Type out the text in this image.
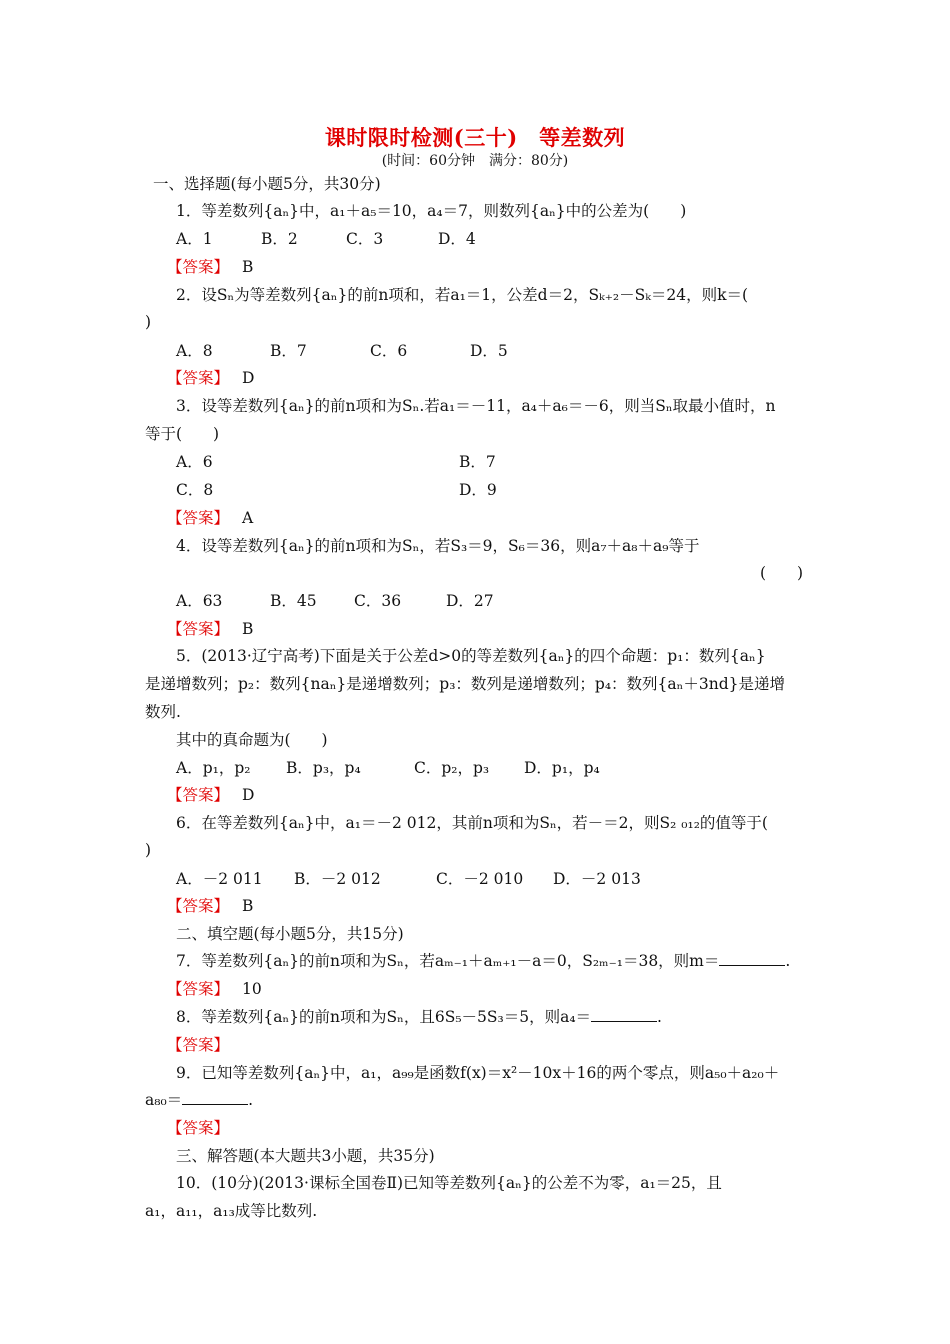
课时限时检测(三十)　等差数列
(时间：60分钟　满分：80分)
一、选择题(每小题5分，共30分)
1．等差数列{aₙ}中，a₁＋a₅＝10，a₄＝7，则数列{aₙ}中的公差为(　　)
A．1	B．2	C．3	D．4
【答案】 B
2．设Sₙ为等差数列{aₙ}的前n项和，若a₁＝1，公差d＝2，Sₖ₊₂－Sₖ＝24，则k＝(
)
A．8	B．7	C．6	D．5
【答案】 D
3．设等差数列{aₙ}的前n项和为Sₙ.若a₁＝－11，a₄＋a₆＝－6，则当Sₙ取最小值时，n
等于(　　)
A．6	B．7
C．8	D．9
【答案】 A
4．设等差数列{aₙ}的前n项和为Sₙ，若S₃＝9，S₆＝36，则a₇＋a₈＋a₉等于
(　　)
A．63	B．45 C．36	D．27
【答案】 B
5．(2013·辽宁高考)下面是关于公差d>0的等差数列{aₙ}的四个命题：p₁：数列{aₙ}
是递增数列；p₂：数列{naₙ}是递增数列；p₃：数列是递增数列；p₄：数列{aₙ＋3nd}是递增
数列.
其中的真命题为(　　)
A．p₁，p₂ B．p₃，p₄	C．p₂，p₃ D．p₁，p₄
【答案】 D
6．在等差数列{aₙ}中，a₁＝－2 012，其前n项和为Sₙ，若－＝2，则S₂ ₀₁₂的值等于(
)
A．－2 011 B．－2 012	C．－2 010 D．－2 013
【答案】 B
二、填空题(每小题5分，共15分)
7．等差数列{aₙ}的前n项和为Sₙ，若aₘ₋₁＋aₘ₊₁－a＝0，S₂ₘ₋₁＝38，则m＝	.
【答案】 10
8．等差数列{aₙ}的前n项和为Sₙ，且6S₅－5S₃＝5，则a₄＝	.
【答案】
9．已知等差数列{aₙ}中，a₁，a₉₉是函数f(x)＝x²－10x＋16的两个零点，则a₅₀＋a₂₀＋
a₈₀＝	.
【答案】
三、解答题(本大题共3小题，共35分)
10．(10分)(2013·课标全国卷Ⅱ)已知等差数列{aₙ}的公差不为零，a₁＝25，且
a₁，a₁₁，a₁₃成等比数列.
